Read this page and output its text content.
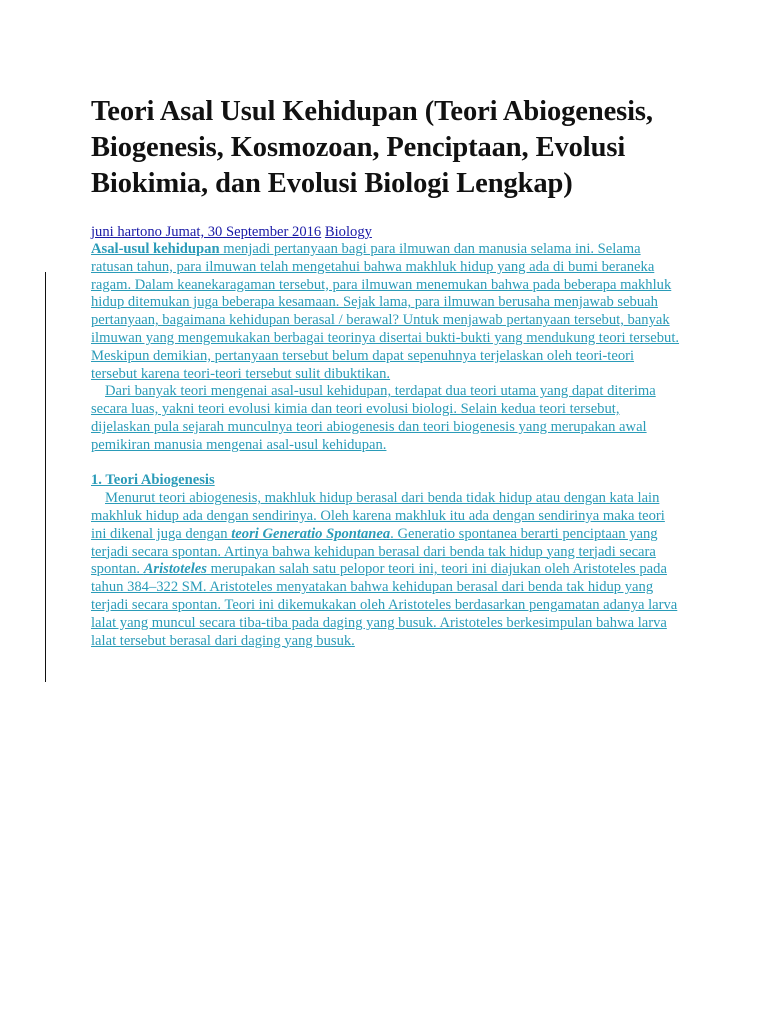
Teori Asal Usul Kehidupan (Teori Abiogenesis, Biogenesis, Kosmozoan, Penciptaan, Evolusi Biokimia, dan Evolusi Biologi Lengkap)
juni hartono Jumat, 30 September 2016 Biology

Asal-usul kehidupan menjadi pertanyaan bagi para ilmuwan dan manusia selama ini. Selama ratusan tahun, para ilmuwan telah mengetahui bahwa makhluk hidup yang ada di bumi beraneka ragam. Dalam keanekaragaman tersebut, para ilmuwan menemukan bahwa pada beberapa makhluk hidup ditemukan juga beberapa kesamaan. Sejak lama, para ilmuwan berusaha menjawab sebuah pertanyaan, bagaimana kehidupan berasal / berawal? Untuk menjawab pertanyaan tersebut, banyak ilmuwan yang mengemukakan berbagai teorinya disertai bukti-bukti yang mendukung teori tersebut. Meskipun demikian, pertanyaan tersebut belum dapat sepenuhnya terjelaskan oleh teori-teori tersebut karena teori-teori tersebut sulit dibuktikan.

Dari banyak teori mengenai asal-usul kehidupan, terdapat dua teori utama yang dapat diterima secara luas, yakni teori evolusi kimia dan teori evolusi biologi. Selain kedua teori tersebut, dijelaskan pula sejarah munculnya teori abiogenesis dan teori biogenesis yang merupakan awal pemikiran manusia mengenai asal-usul kehidupan.

1. Teori Abiogenesis

Menurut teori abiogenesis, makhluk hidup berasal dari benda tidak hidup atau dengan kata lain makhluk hidup ada dengan sendirinya. Oleh karena makhluk itu ada dengan sendirinya maka teori ini dikenal juga dengan teori Generatio Spontanea. Generatio spontanea berarti penciptaan yang terjadi secara spontan. Artinya bahwa kehidupan berasal dari benda tak hidup yang terjadi secara spontan. Aristoteles merupakan salah satu pelopor teori ini, teori ini diajukan oleh Aristoteles pada tahun 384–322 SM. Aristoteles menyatakan bahwa kehidupan berasal dari benda tak hidup yang terjadi secara spontan. Teori ini dikemukakan oleh Aristoteles berdasarkan pengamatan adanya larva lalat yang muncul secara tiba-tiba pada daging yang busuk. Aristoteles berkesimpulan bahwa larva lalat tersebut berasal dari daging yang busuk.
